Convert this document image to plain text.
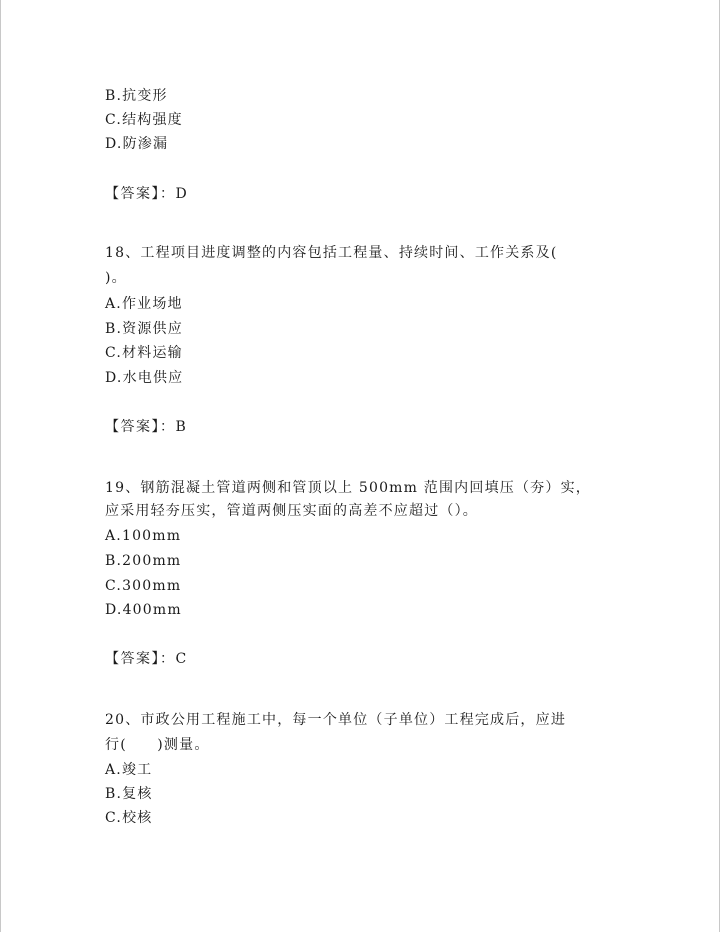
B.抗变形
C.结构强度
D.防渗漏
【答案】：D
18、工程项目进度调整的内容包括工程量、持续时间、工作关系及(
)。
A.作业场地
B.资源供应
C.材料运输
D.水电供应
【答案】：B
19、钢筋混凝土管道两侧和管顶以上 500mm 范围内回填压（夯）实，
应采用轻夯压实，管道两侧压实面的高差不应超过（）。
A.100mm
B.200mm
C.300mm
D.400mm
【答案】：C
20、市政公用工程施工中，每一个单位（子单位）工程完成后，应进
行(　　)测量。
A.竣工
B.复核
C.校核
